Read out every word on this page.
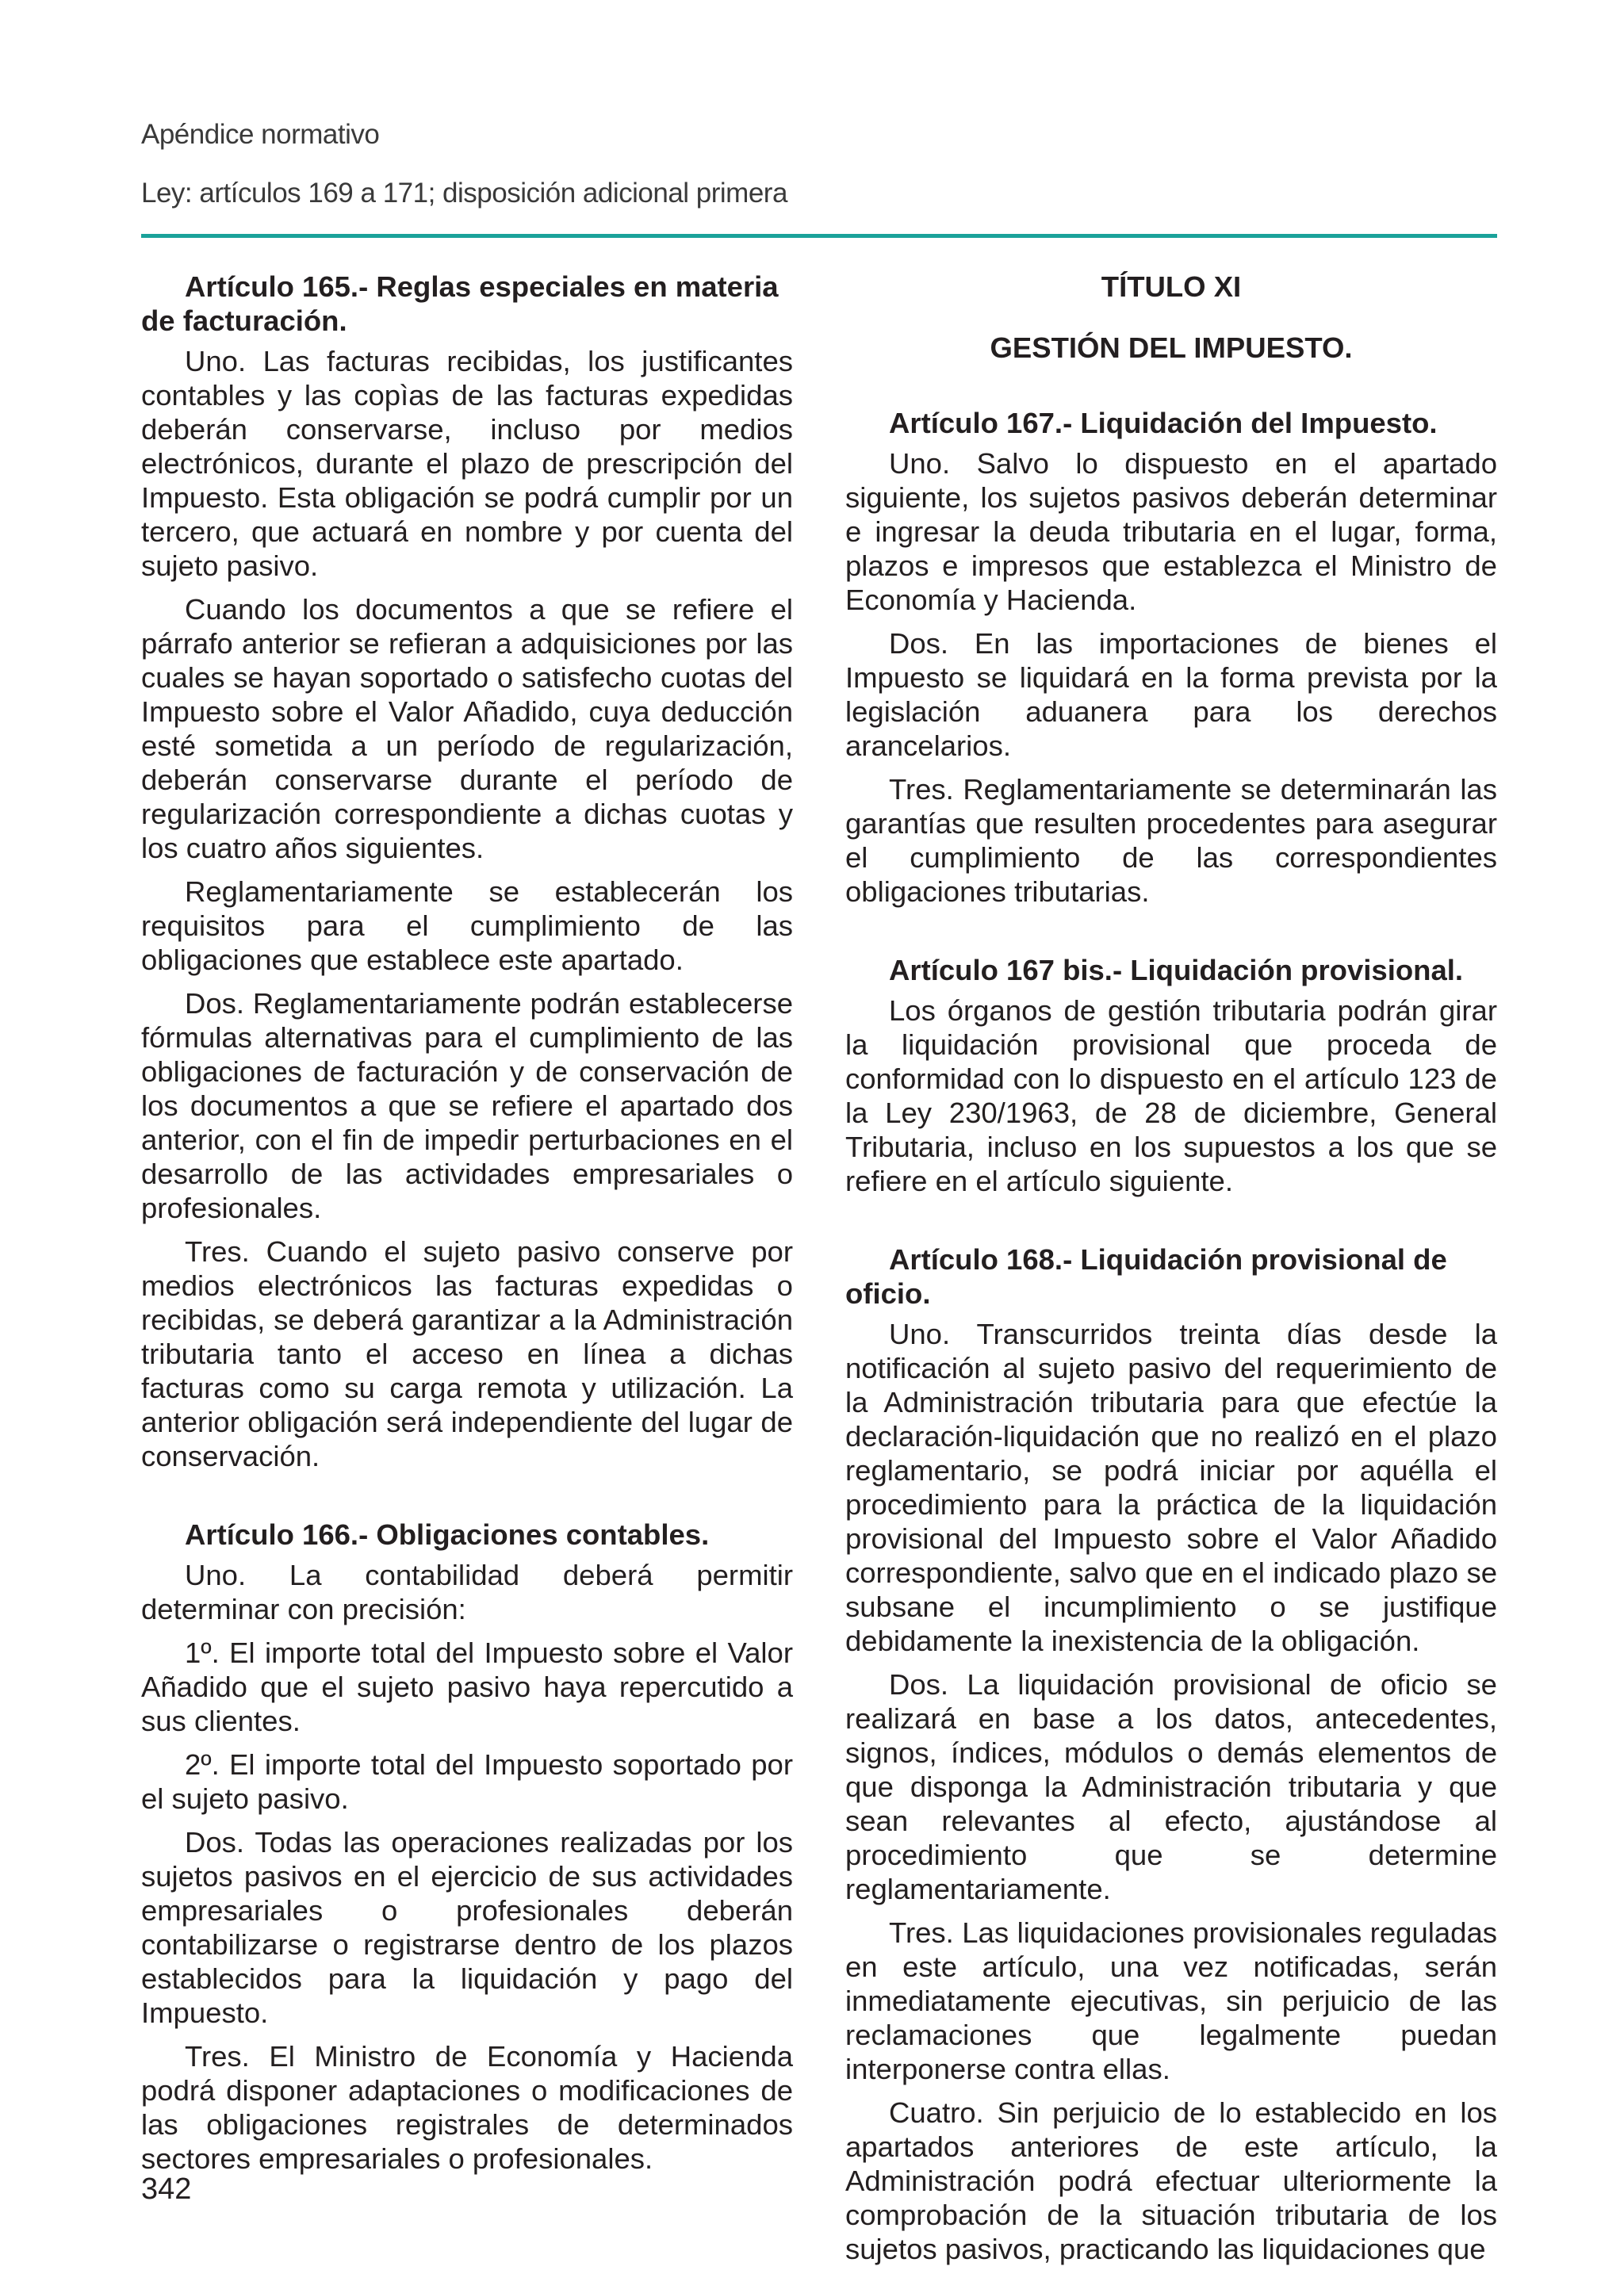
Apéndice normativo
Ley: artículos 169 a 171; disposición adicional primera
Artículo 165.- Reglas especiales en materia de facturación.

Uno. Las facturas recibidas, los justificantes contables y las copìas de las facturas expedidas deberán conservarse, incluso por medios electrónicos, durante el plazo de prescripción del Impuesto. Esta obligación se podrá cumplir por un tercero, que actuará en nombre y por cuenta del sujeto pasivo.

Cuando los documentos a que se refiere el párrafo anterior se refieran a adquisiciones por las cuales se hayan soportado o satisfecho cuotas del Impuesto sobre el Valor Añadido, cuya deducción esté sometida a un período de regularización, deberán conservarse durante el período de regularización correspondiente a dichas cuotas y los cuatro años siguientes.

Reglamentariamente se establecerán los requisitos para el cumplimiento de las obligaciones que establece este apartado.

Dos. Reglamentariamente podrán establecerse fórmulas alternativas para el cumplimiento de las obligaciones de facturación y de conservación de los documentos a que se refiere el apartado dos anterior, con el fin de impedir perturbaciones en el desarrollo de las actividades empresariales o profesionales.

Tres. Cuando el sujeto pasivo conserve por medios electrónicos las facturas expedidas o recibidas, se deberá garantizar a la Administración tributaria tanto el acceso en línea a dichas facturas como su carga remota y utilización. La anterior obligación será independiente del lugar de conservación.

Artículo 166.- Obligaciones contables.

Uno. La contabilidad deberá permitir determinar con precisión:

1º. El importe total del Impuesto sobre el Valor Añadido que el sujeto pasivo haya repercutido a sus clientes.

2º. El importe total del Impuesto soportado por el sujeto pasivo.

Dos. Todas las operaciones realizadas por los sujetos pasivos en el ejercicio de sus actividades empresariales o profesionales deberán contabilizarse o registrarse dentro de los plazos establecidos para la liquidación y pago del Impuesto.

Tres. El Ministro de Economía y Hacienda podrá disponer adaptaciones o modificaciones de las obligaciones registrales de determinados sectores empresariales o profesionales.

TÍTULO XI
GESTIÓN DEL IMPUESTO.
Artículo 167.- Liquidación del Impuesto.

Uno. Salvo lo dispuesto en el apartado siguiente, los sujetos pasivos deberán determinar e ingresar la deuda tributaria en el lugar, forma, plazos e impresos que establezca el Ministro de Economía y Hacienda.

Dos. En las importaciones de bienes el Impuesto se liquidará en la forma prevista por la legislación aduanera para los derechos arancelarios.

Tres. Reglamentariamente se determinarán las garantías que resulten procedentes para asegurar el cumplimiento de las correspondientes obligaciones tributarias.

Artículo 167 bis.- Liquidación provisional.

Los órganos de gestión tributaria podrán girar la liquidación provisional que proceda de conformidad con lo dispuesto en el artículo 123 de la Ley 230/1963, de 28 de diciembre, General Tributaria, incluso en los supuestos a los que se refiere en el artículo siguiente.

Artículo 168.- Liquidación provisional de oficio.

Uno. Transcurridos treinta días desde la notificación al sujeto pasivo del requerimiento de la Administración tributaria para que efectúe la declaración-liquidación que no realizó en el plazo reglamentario, se podrá iniciar por aquélla el procedimiento para la práctica de la liquidación provisional del Impuesto sobre el Valor Añadido correspondiente, salvo que en el indicado plazo se subsane el incumplimiento o se justifique debidamente la inexistencia de la obligación.

Dos. La liquidación provisional de oficio se realizará en base a los datos, antecedentes, signos, índices, módulos o demás elementos de que disponga la Administración tributaria y que sean relevantes al efecto, ajustándose al procedimiento que se determine reglamentariamente.

Tres. Las liquidaciones provisionales reguladas en este artículo, una vez notificadas, serán inmediatamente ejecutivas, sin perjuicio de las reclamaciones que legalmente puedan interponerse contra ellas.

Cuatro. Sin perjuicio de lo establecido en los apartados anteriores de este artículo, la Administración podrá efectuar ulteriormente la comprobación de la situación tributaria de los sujetos pasivos, practicando las liquidaciones que

342
